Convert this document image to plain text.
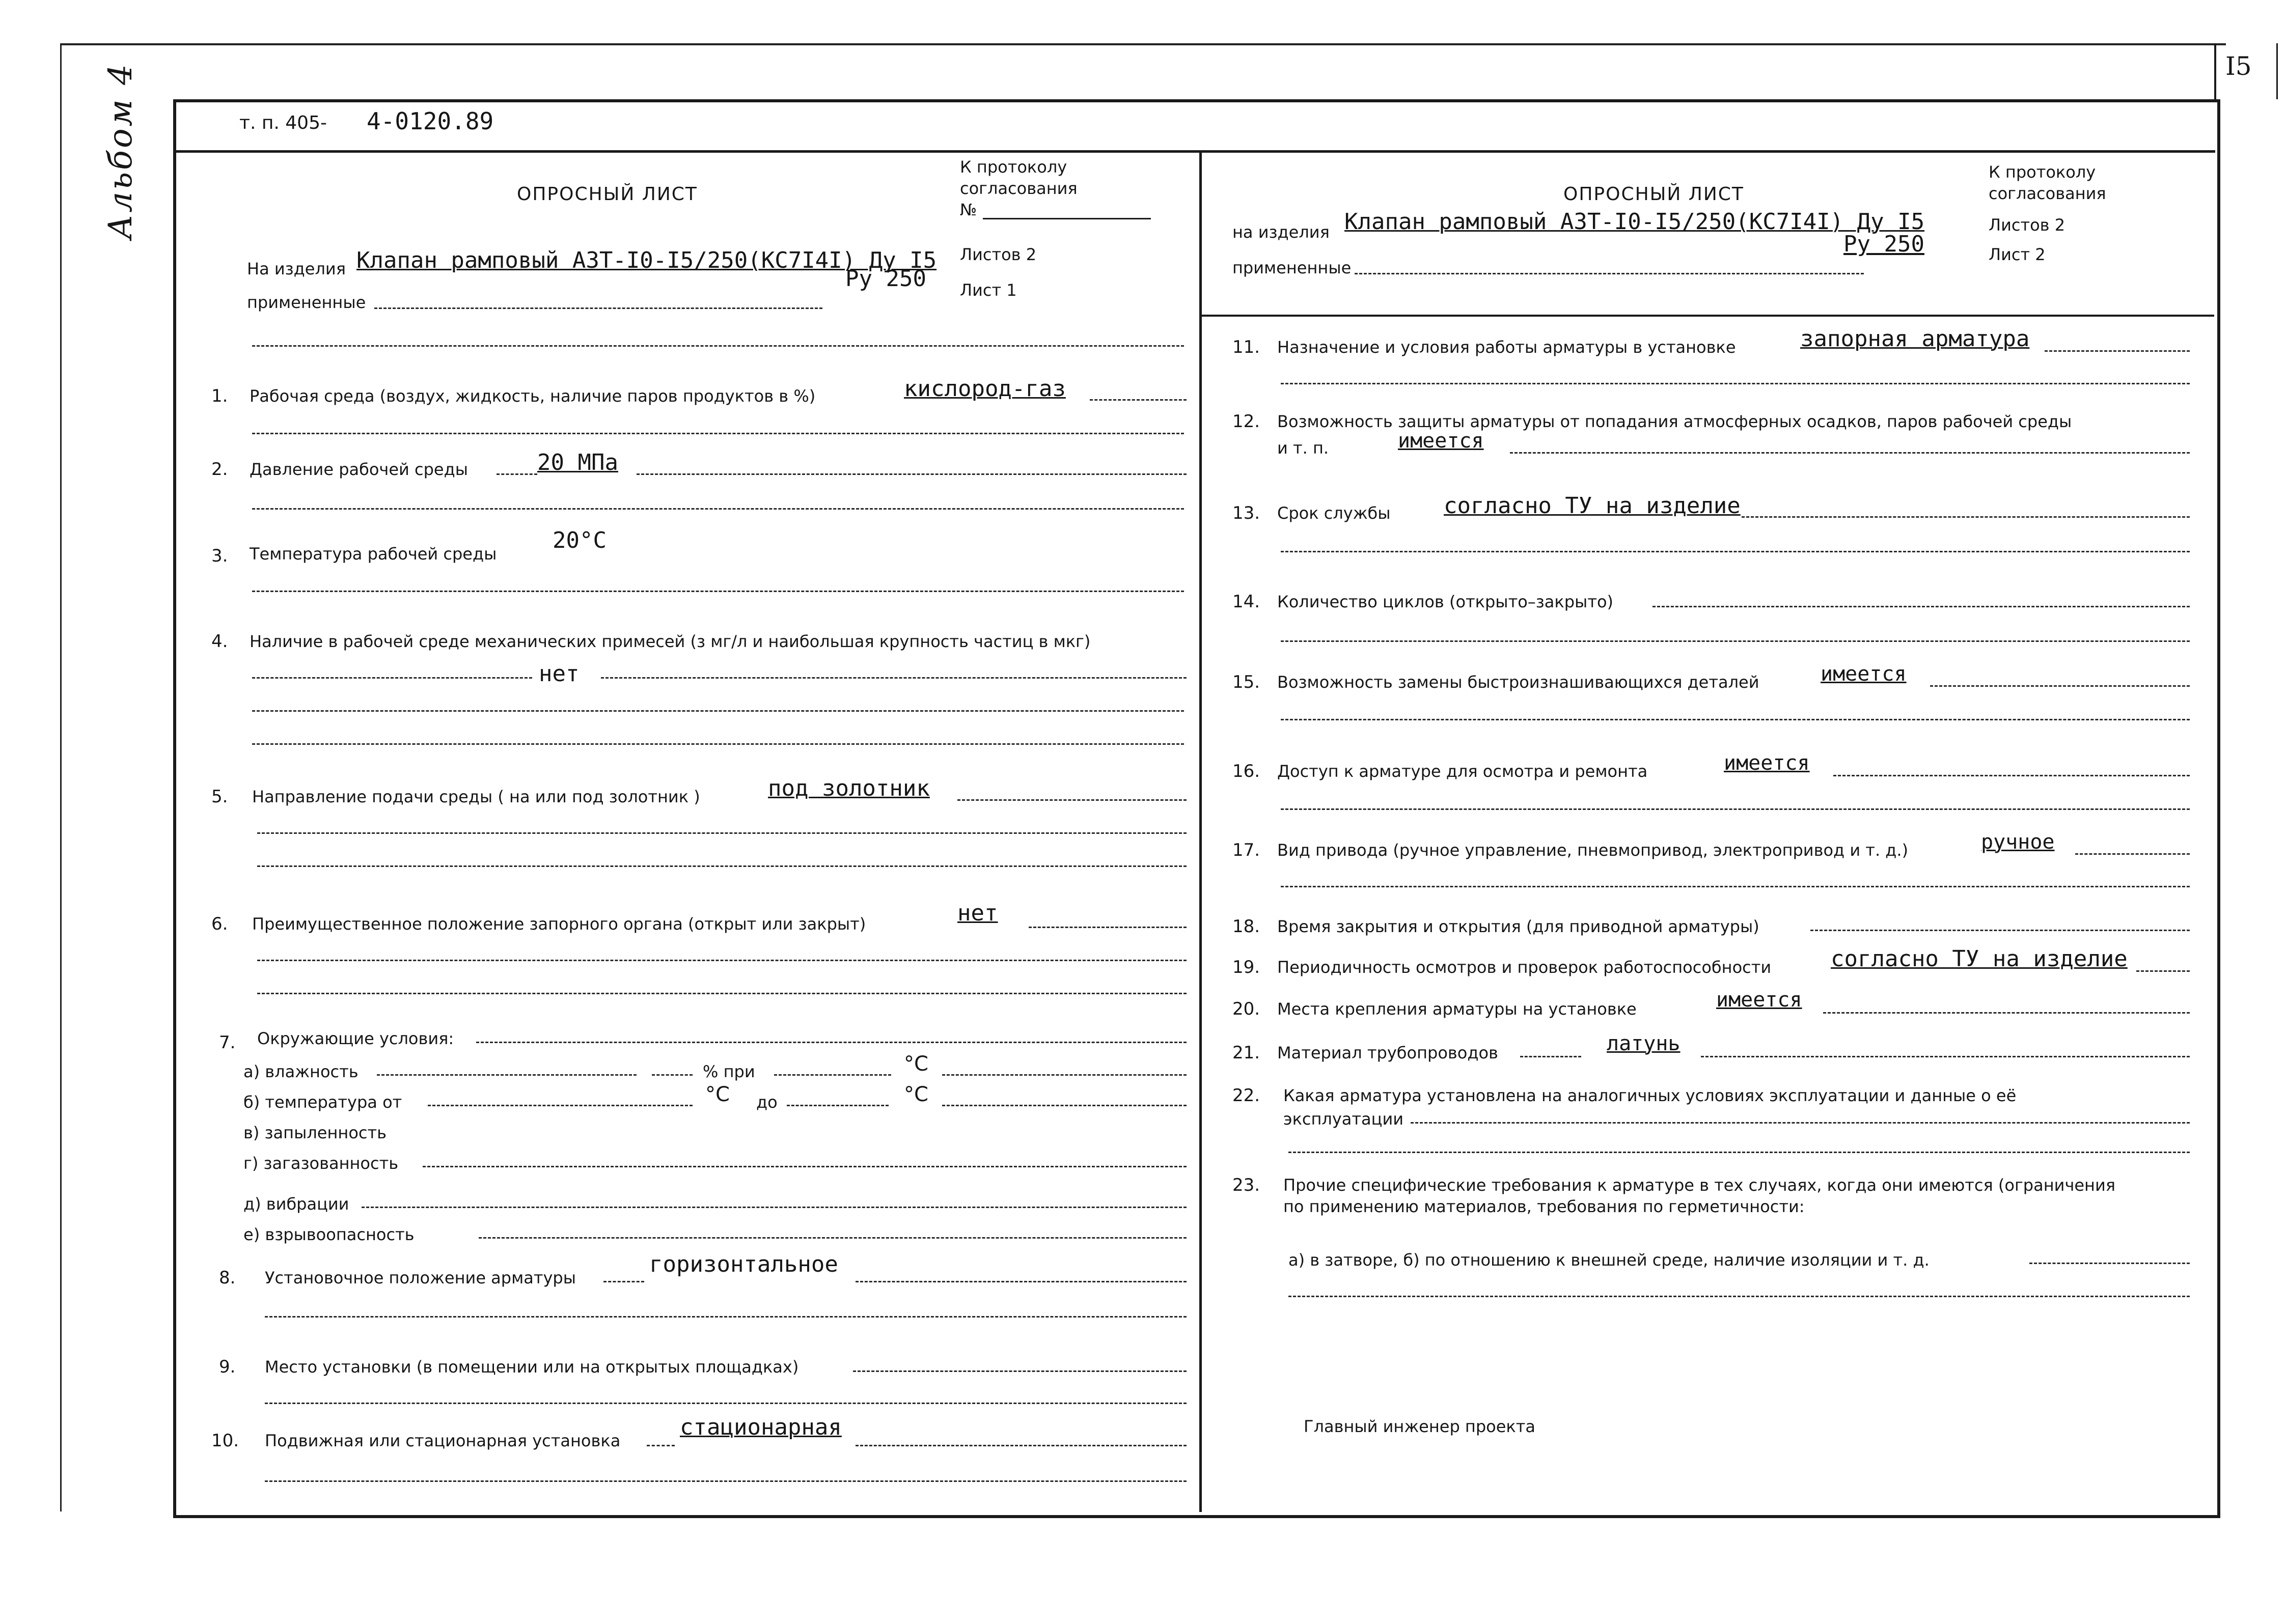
I5
Альбом 4	т. п. 405- 4-0120.89
ОПРОСНЫЙ ЛИСТ
К протоколу
согласования
№
Листов 2
Лист 1
На изделия Клапан рамповый АЗТ-I0-I5/250(КС7I4I) Ду I5
Ру 250
примененные
1. Рабочая среда (воздух, жидкость, наличие паров продуктов в %)	кислород-газ
2. Давление рабочей среды	20 МПа
3. Температура рабочей среды
20°С
4. Наличие в рабочей среде механических примесей (з мг/л и наибольшая крупность частиц в мкг)
нет
5. Направление подачи среды ( на или под золотник )	под золотник
6. Преимущественное положение запорного органа (открыт или закрыт)	нет
7. Окружающие условия:
а) влажность	% при	°С
б) температура от	°С до	°С
в) запыленность
г) загазованность
д) вибрации
е) взрывоопасность
8. Установочное положение арматуры
горизонтальное
9. Место установки (в помещении или на открытых площадках)
10. Подвижная или стационарная установка
стационарная
ОПРОСНЫЙ ЛИСТ
К протоколу
согласования
Листов 2
Лист 2
на изделия Клапан рамповый АЗТ-I0-I5/250(КС7I4I) Ду I5
Ру 250
примененные
11. Назначение и условия работы арматуры в установке	запорная арматура
12. Возможность защиты арматуры от попадания атмосферных осадков, паров рабочей среды
и т. п.	имеется
13. Срок службы согласно ТУ на изделие
14. Количество циклов (открыто–закрыто)
15. Возможность замены быстроизнашивающихся деталей	имеется
16. Доступ к арматуре для осмотра и ремонта	имеется
17. Вид привода (ручное управление, пневмопривод, электропривод и т. д.)	ручное
18. Время закрытия и открытия (для приводной арматуры)
19. Периодичность осмотров и проверок работоспособности	согласно ТУ на изделие
20. Места крепления арматуры на установке	имеется
21. Материал трубопроводов	латунь
22. Какая арматура установлена на аналогичных условиях эксплуатации и данные о её
эксплуатации
23. Прочие специфические требования к арматуре в тех случаях, когда они имеются (ограничения
по применению материалов, требования по герметичности:
а) в затворе, б) по отношению к внешней среде, наличие изоляции и т. д.
Главный инженер проекта
